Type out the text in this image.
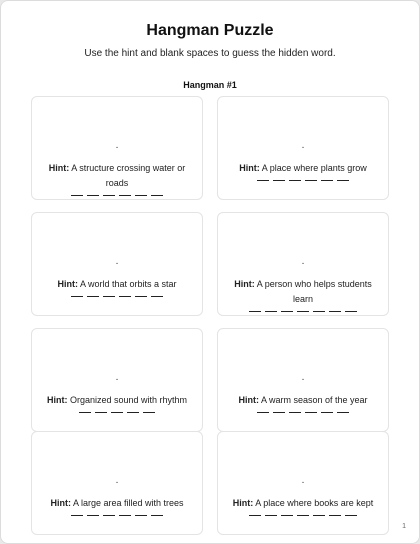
Hangman Puzzle
Use the hint and blank spaces to guess the hidden word.
Hangman #1
.
Hint: A structure crossing water or roads
.
Hint: A place where plants grow
.
Hint: A world that orbits a star
.
Hint: A person who helps students learn
.
Hint: Organized sound with rhythm
.
Hint: A warm season of the year
.
Hint: A large area filled with trees
.
Hint: A place where books are kept
1
